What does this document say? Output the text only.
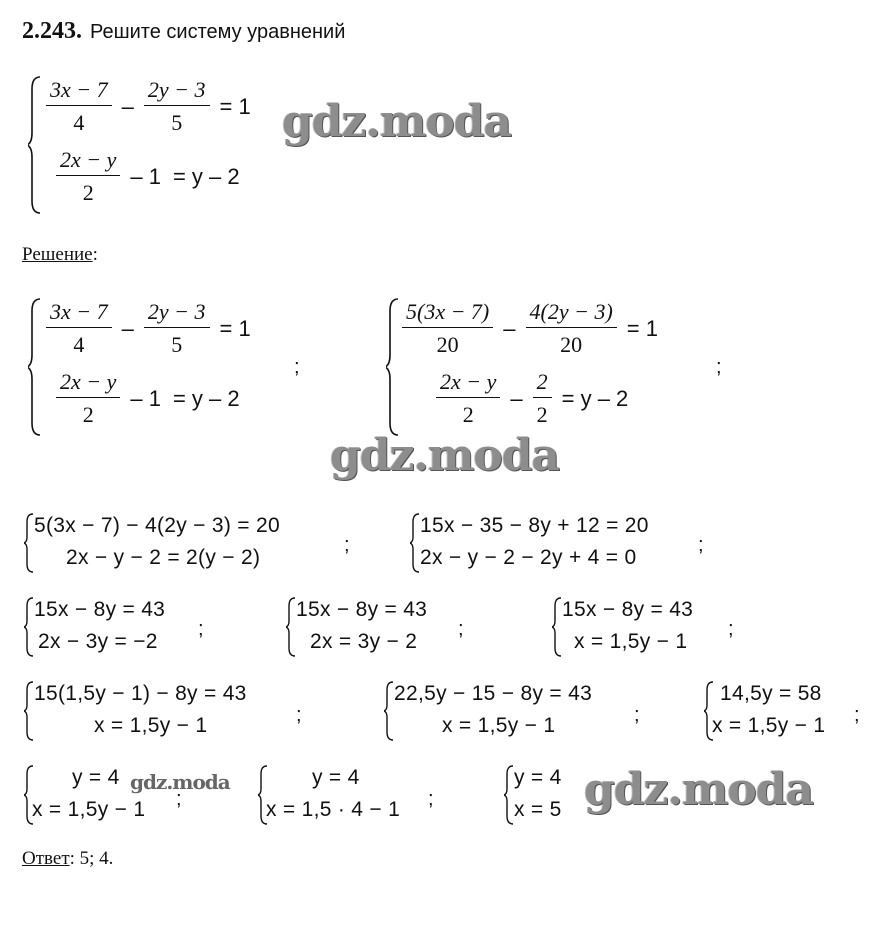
2.243. Решите систему уравнений
$\frac{3x - 7}{4} - \frac{2y - 3}{5} = 1$
$\frac{2x - y}{2} - 1 = y - 2$
gdz.moda
Решение:
$\frac{3x - 7}{4} - \frac{2y - 3}{5} = 1$
$\frac{2x - y}{2} - 1 = y - 2$
;
$\frac{5(3x - 7)}{20} - \frac{4(2y - 3)}{20} = 1$
$\frac{2x - y}{2} - \frac{2}{2} = y - 2$
;
gdz.moda
5(3x − 7) − 4(2y − 3) = 20
2x − y − 2 = 2(y − 2)
;
15x − 35 − 8y + 12 = 20
2x − y − 2 − 2y + 4 = 0
;
15x − 8y = 43
2x − 3y = −2
;
15x − 8y = 43
2x = 3y − 2
;
15x − 8y = 43
x = 1,5y − 1
;
15(1,5y − 1) − 8y = 43
x = 1,5y − 1	;
22,5y − 15 − 8y = 43
x = 1,5y − 1	;
14,5y = 58
x = 1,5y − 1 ;
y = 4
x = 1,5y − 1 ;
gdz.moda	y = 4
x = 1,5 · 4 − 1 ;
y = 4
x = 5 gdz.moda
Ответ: 5; 4.
